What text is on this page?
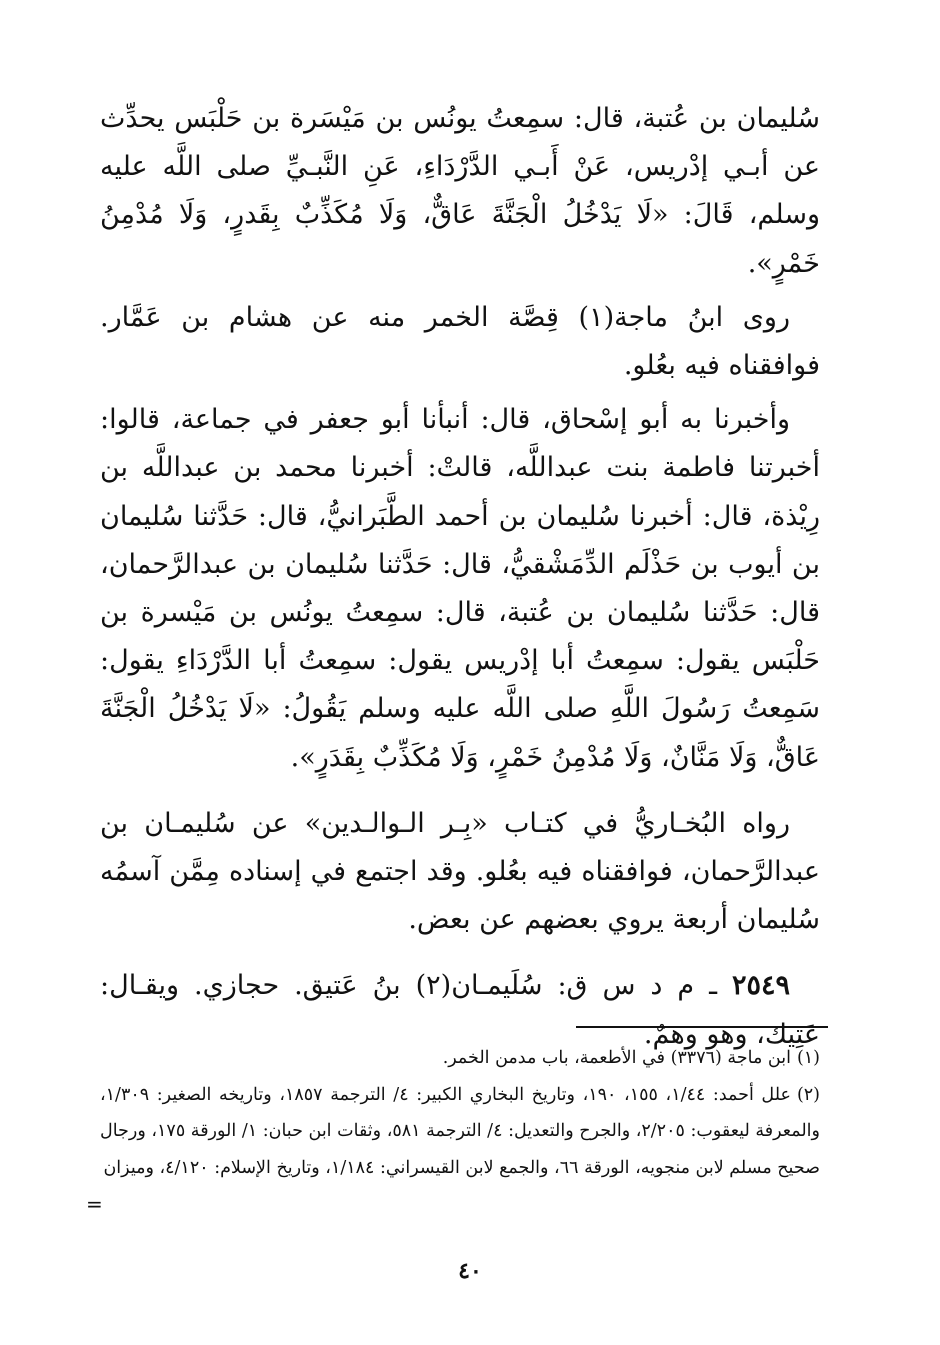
سُليمان بن عُتبة، قال: سمِعتُ يونُس بن مَيْسَرة بن حَلْبَس يحدِّث عن أبـي إدْريس، عَنْ أَبـي الدَّرْدَاءِ، عَنِ النَّبـيِّ صلى اللَّه عليه وسلم، قَالَ: «لَا يَدْخُلُ الْجَنَّةَ عَاقٌّ، وَلَا مُكَذِّبٌ بِقَدرٍ، وَلَا مُدْمِنُ خَمْرٍ».

روى ابنُ ماجة(١) قِصَّة الخمر منه عن هشام بن عَمَّار. فوافقناه فيه بعُلو.

وأخبرنا به أبو إسْحاق، قال: أنبأنا أبو جعفر في جماعة، قالوا: أخبرتنا فاطمة بنت عبداللَّه، قالتْ: أخبرنا محمد بن عبداللَّه بن رِيْذة، قال: أخبرنا سُليمان بن أحمد الطَّبَرانيُّ، قال: حَدَّثنا سُليمان بن أيوب بن حَذْلَم الدِّمَشْقيُّ، قال: حَدَّثنا سُليمان بن عبدالرَّحمان، قال: حَدَّثنا سُليمان بن عُتبة، قال: سمِعتُ يونُس بن مَيْسرة بن حَلْبَس يقول: سمِعتُ أبا إدْريس يقول: سمِعتُ أبا الدَّرْدَاءِ يقول: سَمِعتُ رَسُولَ اللَّهِ صلى اللَّه عليه وسلم يَقُولُ: «لَا يَدْخُلُ الْجَنَّةَ عَاقٌّ، وَلَا مَنَّانٌ، وَلَا مُدْمِنُ خَمْرٍ، وَلَا مُكَذِّبٌ بِقَدَرٍ».

رواه البُخـاريُّ في كتـاب «بِـر الـوالـدين» عن سُليمـان بن عبدالرَّحمان، فوافقناه فيه بعُلو. وقد اجتمع في إسناده مِمَّن آسمُه سُليمان أربعة يروي بعضهم عن بعض.

٢٥٤٩ ـ م د س ق: سُلَيمـان(٢) بنُ عَتيق. حجازي. ويقـال: عَتِيك، وهو وهمٌ.

(١)ابن ماجة (٣٣٧٦) في الأطعمة، باب مدمن الخمر.

(٢)علل أحمد: ١/٤٤، ١٥٥، ١٩٠، وتاريخ البخاري الكبير: ٤/ الترجمة ١٨٥٧، وتاريخه الصغير: ١/٣٠٩، والمعرفة ليعقوب: ٢/٢٠٥، والجرح والتعديل: ٤/ الترجمة ٥٨١، وثقات ابن حبان: ١/ الورقة ١٧٥، ورجال صحيح مسلم لابن منجويه، الورقة ٦٦، والجمع لابن القيسراني: ١/١٨٤، وتاريخ الإسلام: ٤/١٢٠، وميزان

=
٤٠
